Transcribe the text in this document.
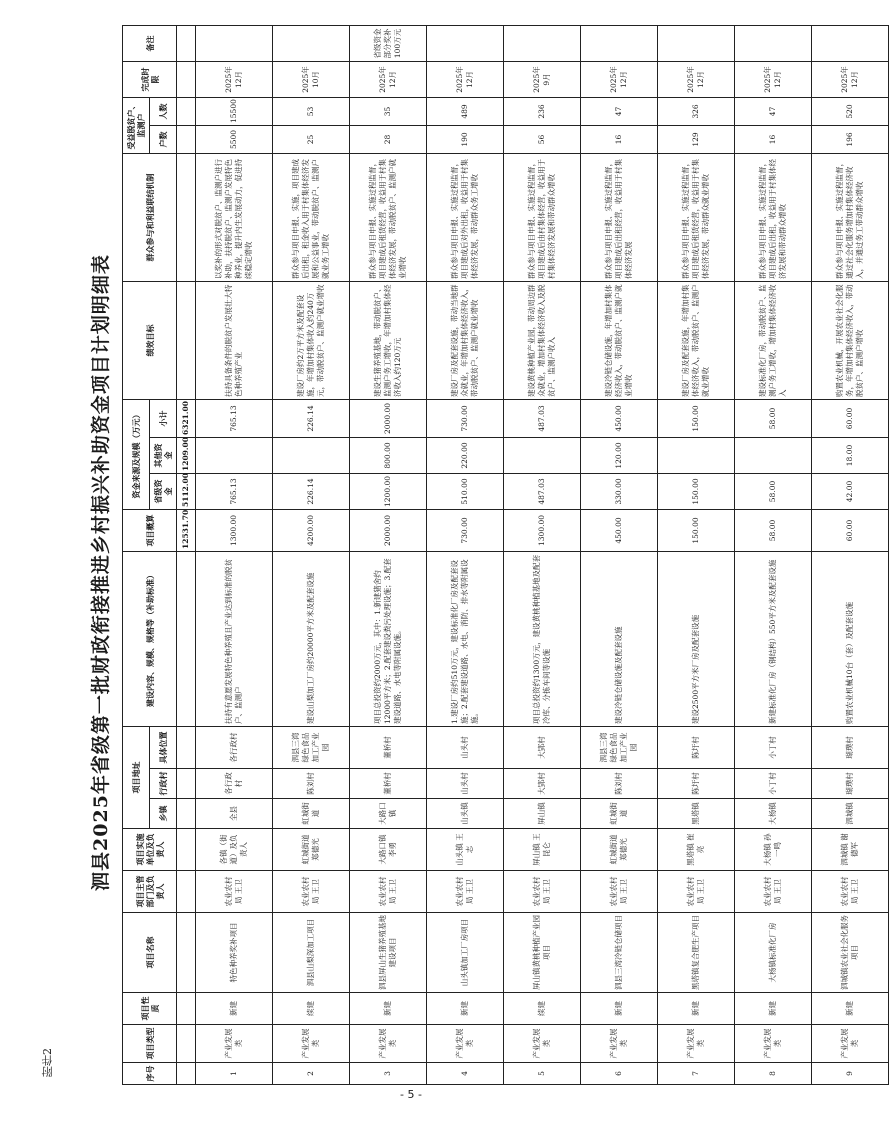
附件2
泗县2025年省级第一批财政衔接推进乡村振兴补助资金项目计划明细表
序号	项目类型	项目性质	项目名称	项目主管部门及负责人	项目实施单位及负责人	项目地址			建设内容、规模、规格等（补助标准）	项目概算	资金来源及规模（万元）			绩效目标	群众参与和利益联结机制	受益脱贫户、监测户		完成时限	备注
						乡镇	行政村	具体位置			省级资金	其他资金	小计			户数	人数		

										12531.70	5112.00	1209.00	6321.00						
1	产业发展类	新建	特色种养奖补项目	农业农村局 王卫	各镇（街道）及负责人	全县	各行政村	各行政村	扶持有意愿发展特色种养殖且产业达到标准的脱贫户、监测户	1300.00	765.13		765.13	扶持具备条件的脱贫户发展壮大特色种养殖产业	以奖补的形式对脱贫户、监测户进行补助，扶持脱贫户、监测户发展特色种养业，提升内生发展动力，促进持续稳定增收	5500	15500	2025年12月	
2	产业发展类	续建	泗县山梨深加工项目	农业农村局 王卫	虹城街道 郑德光	虹城街道	陈刘村	泗县三湾绿色食品加工产业园	建设山梨加工厂房约20000平方米及配套设施	4200.00	226.14		226.14	建设厂房约2万平方米及配套设施，年增加村集体收入约240万元，带动脱贫户、监测户就业增收	群众参与项目申报、实施，项目建成后出租，租金收入用于村集体经济发展和公益事业，带动脱贫户、监测户就业务工增收	25	53	2025年10月	
3	产业发展类	新建	泗县屏山生猪养殖基地建设项目	农业农村局 王卫	大路口镇 李勇	大路口镇	董桥村	董桥村	项目总投资约2000万元，其中：1.新建猪舍约12000平方米；2.配套建设粪污处理设施；3.配套建设道路、水电等附属设施。	2000.00	1200.00	800.00	2000.00	建设生猪养殖基地，带动脱贫户、监测户务工增收，年增加村集体经济收入约120万元	群众参与项目申报、实施过程监督，项目建成后租赁经营，收益用于村集体经济发展，带动脱贫户、监测户就业增收	28	35	2025年12月	省级资金部分奖补100万元
4	产业发展类	新建	山头镇加工厂房项目	农业农村局 王卫	山头镇 王志	山头镇	山头村	山头村	1.建设厂房约510万元，建设标准化厂房及配套设施；2.配套建设道路、水电、消防、排水等附属设施。	730.00	510.00	220.00	730.00	建设厂房及配套设施，带动当地群众就业，年增加村集体经济收入，带动脱贫户、监测户就业增收	群众参与项目申报、实施过程监督，项目建成后对外出租，收益用于村集体经济发展，带动群众务工增收	190	489	2025年12月	
5	产业发展类	续建	屏山镇黄桃种植产业园项目	农业农村局 王卫	屏山镇 王昆仑	屏山镇	大郢村	大郢村	项目总投资约1300万元，建设黄桃种植基地及配套冷库、分拣车间等设施	1300.00	487.03		487.03	建设黄桃种植产业园，带动周边群众就业，增加村集体经济收入及脱贫户、监测户收入	群众参与项目申报、实施过程监督，项目建成后由村集体经营，收益用于村集体经济发展和带动群众增收	56	236	2025年9月	
6	产业发展类	新建	泗县三湾冷链仓储项目	农业农村局 王卫	虹城街道 郑德光	虹城街道	陈刘村	泗县三湾绿色食品加工产业园	建设冷链仓储设施及配套设施	450.00	330.00	120.00	450.00	建设冷链仓储设施，年增加村集体经济收入，带动脱贫户、监测户就业增收	群众参与项目申报、实施过程监督，项目建成后出租经营，收益用于村集体经济发展	16	47	2025年12月	
7	产业发展类	新建	黑塔镇复合肥生产项目	农业农村局 王卫	黑塔镇 崔亮	黑塔镇	陈圩村	陈圩村	建设2500平方米厂房及配套设施	150.00	150.00		150.00	建设厂房及配套设施，年增加村集体经济收入，带动脱贫户、监测户就业增收	群众参与项目申报、实施过程监督，项目建成后租赁经营，收益用于村集体经济发展，带动群众就业增收	129	326	2025年12月	
8	产业发展类	新建	大杨镇标准化厂房	农业农村局 王卫	大杨镇 孙一鸣	大杨镇	小丁村	小丁村	新建标准化厂房（钢结构）550平方米及配套设施	58.00	58.00		58.00	建设标准化厂房，带动脱贫户、监测户务工增收，增加村集体经济收入	群众参与项目申报、实施过程监督，项目建成后出租，收益用于村集体经济发展和带动群众增收	16	47	2025年12月	
9	产业发展类	新建	泗城镇农业社会化服务项目	农业农村局 王卫	泗城镇 谢德军	泗城镇	瑚璞村	瑚璞村	购置农业机械10台（套）及配套设施	60.00	42.00	18.00	60.00	购置农业机械，开展农业社会化服务，年增加村集体经济收入，带动脱贫户、监测户增收	群众参与项目申报、实施过程监督，通过社会化服务增加村集体经济收入，并通过务工带动群众增收	196	520	2025年12月	
- 5 -
